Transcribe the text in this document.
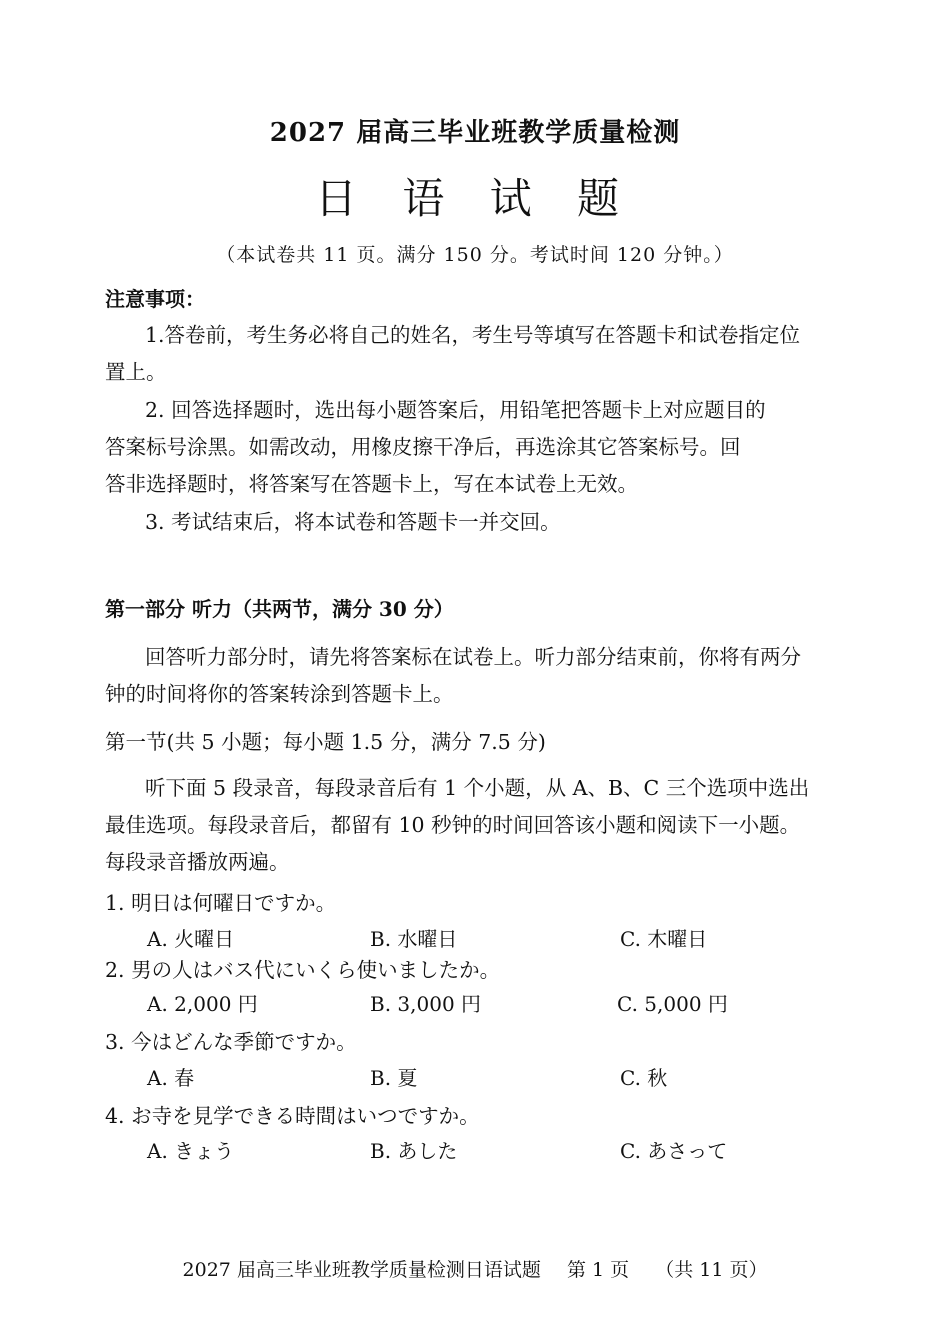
2027 届高三毕业班教学质量检测
日 语 试 题
（本试卷共 11 页。满分 150 分。考试时间 120 分钟。）
注意事项：
1.答卷前，考生务必将自己的姓名，考生号等填写在答题卡和试卷指定位
置上。
2. 回答选择题时，选出每小题答案后，用铅笔把答题卡上对应题目的
答案标号涂黑。如需改动，用橡皮擦干净后，再选涂其它答案标号。回
答非选择题时，将答案写在答题卡上，写在本试卷上无效。
3. 考试结束后，将本试卷和答题卡一并交回。
第一部分 听力（共两节，满分 30 分）
回答听力部分时，请先将答案标在试卷上。听力部分结束前，你将有两分
钟的时间将你的答案转涂到答题卡上。
第一节(共 5 小题；每小题 1.5 分，满分 7.5 分)
听下面 5 段录音，每段录音后有 1 个小题，从 A、B、C 三个选项中选出
最佳选项。每段录音后，都留有 10 秒钟的时间回答该小题和阅读下一小题。
每段录音播放两遍。
1. 明日は何曜日ですか。
A. 火曜日	B. 水曜日	C. 木曜日
2. 男の人はバス代にいくら使いましたか。
A. 2,000 円	B. 3,000 円	C. 5,000 円
3. 今はどんな季節ですか。
A. 春	B. 夏	C. 秋
4. お寺を見学できる時間はいつですか。
A. きょう	B. あした	C. あさって
2027 届高三毕业班教学质量检测日语试题 第 1 页 （共 11 页）
